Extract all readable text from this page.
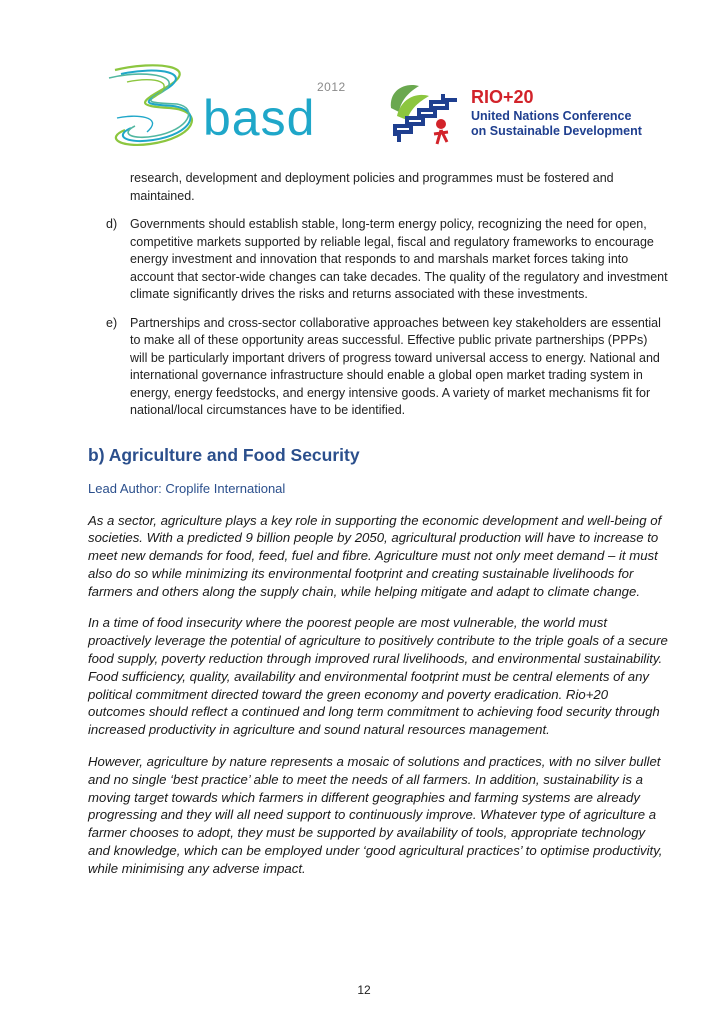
2012
basd	RIO+20
United Nations Conference
on Sustainable Development

research, development and deployment policies and programmes must be fostered and maintained.

d) Governments should establish stable, long-term energy policy, recognizing the need for open, competitive markets supported by reliable legal, fiscal and regulatory frameworks to encourage energy investment and innovation that responds to and marshals market forces taking into account that sector-wide changes can take decades. The quality of the regulatory and investment climate significantly drives the risks and returns associated with these investments.
e) Partnerships and cross-sector collaborative approaches between key stakeholders are essential to make all of these opportunity areas successful. Effective public private partnerships (PPPs) will be particularly important drivers of progress toward universal access to energy. National and international governance infrastructure should enable a global open market trading system in energy, energy feedstocks, and energy intensive goods. A variety of market mechanisms fit for national/local circumstances have to be identified.
b) Agriculture and Food Security

Lead Author: Croplife International

As a sector, agriculture plays a key role in supporting the economic development and well-being of societies. With a predicted 9 billion people by 2050, agricultural production will have to increase to meet new demands for food, feed, fuel and fibre. Agriculture must not only meet demand – it must also do so while minimizing its environmental footprint and creating sustainable livelihoods for farmers and others along the supply chain, while helping mitigate and adapt to climate change.

In a time of food insecurity where the poorest people are most vulnerable, the world must proactively leverage the potential of agriculture to positively contribute to the triple goals of a secure food supply, poverty reduction through improved rural livelihoods, and environmental sustainability. Food sufficiency, quality, availability and environmental footprint must be central elements of any political commitment directed toward the green economy and poverty eradication. Rio+20 outcomes should reflect a continued and long term commitment to achieving food security through increased productivity in agriculture and sound natural resources management.

However, agriculture by nature represents a mosaic of solutions and practices, with no silver bullet and no single ‘best practice’ able to meet the needs of all farmers. In addition, sustainability is a moving target towards which farmers in different geographies and farming systems are already progressing and they will all need support to continuously improve. Whatever type of agriculture a farmer chooses to adopt, they must be supported by availability of tools, appropriate technology and knowledge, which can be employed under ‘good agricultural practices’ to optimise productivity, while minimising any adverse impact.

12
